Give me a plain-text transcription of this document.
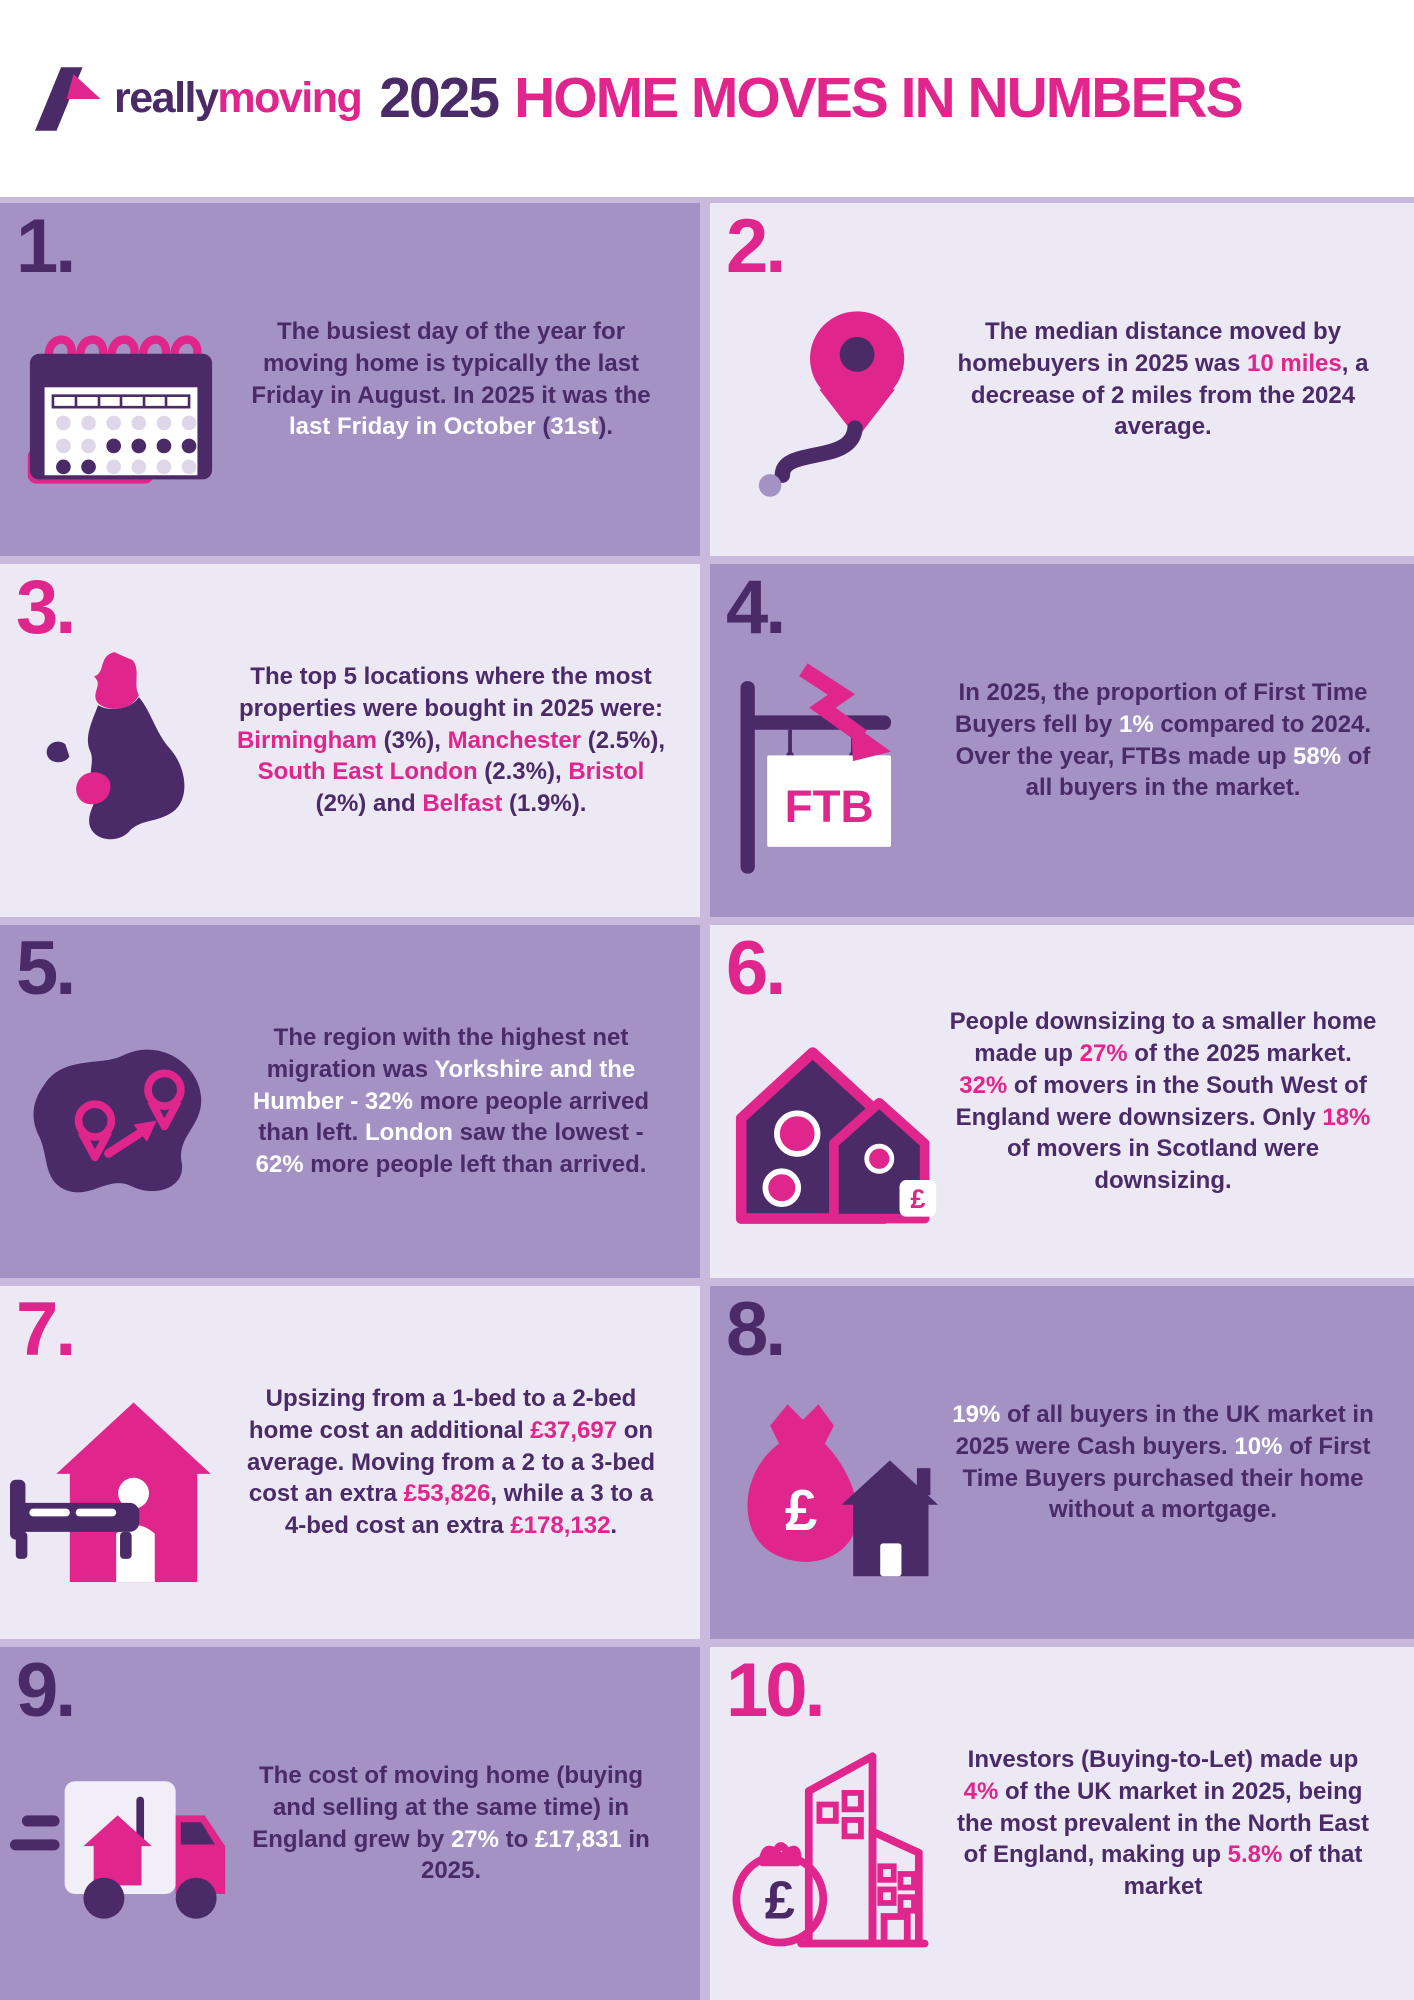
reallymoving 2025 HOME MOVES IN NUMBERS
1.

The busiest day of the year for moving home is typically the last Friday in August. In 2025 it was the last Friday in October (31st).

2.

The median distance moved by homebuyers in 2025 was 10 miles, a decrease of 2 miles from the 2024 average.

3.

The top 5 locations where the most properties were bought in 2025 were: Birmingham (3%), Manchester (2.5%), South East London (2.3%), Bristol (2%) and Belfast (1.9%).

4.
FTB

In 2025, the proportion of First Time Buyers fell by 1% compared to 2024. Over the year, FTBs made up 58% of all buyers in the market.

5.

The region with the highest net migration was Yorkshire and the Humber - 32% more people arrived than left. London saw the lowest - 62% more people left than arrived.

6.
£

People downsizing to a smaller home made up 27% of the 2025 market. 32% of movers in the South West of England were downsizers. Only 18% of movers in Scotland were downsizing.

7.

Upsizing from a 1-bed to a 2-bed home cost an additional £37,697 on average. Moving from a 2 to a 3-bed cost an extra £53,826, while a 3 to a 4-bed cost an extra £178,132.

8.
£

19% of all buyers in the UK market in 2025 were Cash buyers. 10% of First Time Buyers purchased their home without a mortgage.

9.

The cost of moving home (buying and selling at the same time) in England grew by 27% to £17,831 in 2025.

10.
£

Investors (Buying-to-Let) made up 4% of the UK market in 2025, being the most prevalent in the North East of England, making up 5.8% of that market
